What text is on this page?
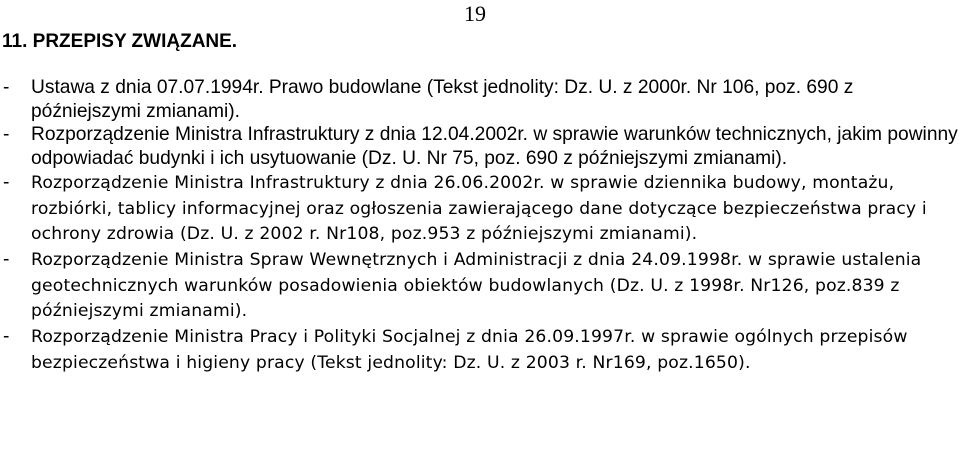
19
11. PRZEPISY ZWIĄZANE.
- Ustawa z dnia 07.07.1994r. Prawo budowlane (Tekst jednolity: Dz. U. z 2000r. Nr 106, poz. 690 z późniejszymi zmianami).
- Rozporządzenie Ministra Infrastruktury z dnia 12.04.2002r. w sprawie warunków technicznych, jakim powinny odpowiadać budynki i ich usytuowanie (Dz. U. Nr 75, poz. 690 z późniejszymi zmianami).
- Rozporządzenie Ministra Infrastruktury z dnia 26.06.2002r. w sprawie dziennika budowy, montażu, rozbiórki, tablicy informacyjnej oraz ogłoszenia zawierającego dane dotyczące bezpieczeństwa pracy i ochrony zdrowia (Dz. U. z 2002 r. Nr108, poz.953 z późniejszymi zmianami).
- Rozporządzenie Ministra Spraw Wewnętrznych i Administracji z dnia 24.09.1998r. w sprawie ustalenia geotechnicznych warunków posadowienia obiektów budowlanych (Dz. U. z 1998r. Nr126, poz.839 z późniejszymi zmianami).
- Rozporządzenie Ministra Pracy i Polityki Socjalnej z dnia 26.09.1997r. w sprawie ogólnych przepisów bezpieczeństwa i higieny pracy (Tekst jednolity: Dz. U. z 2003 r. Nr169, poz.1650).
